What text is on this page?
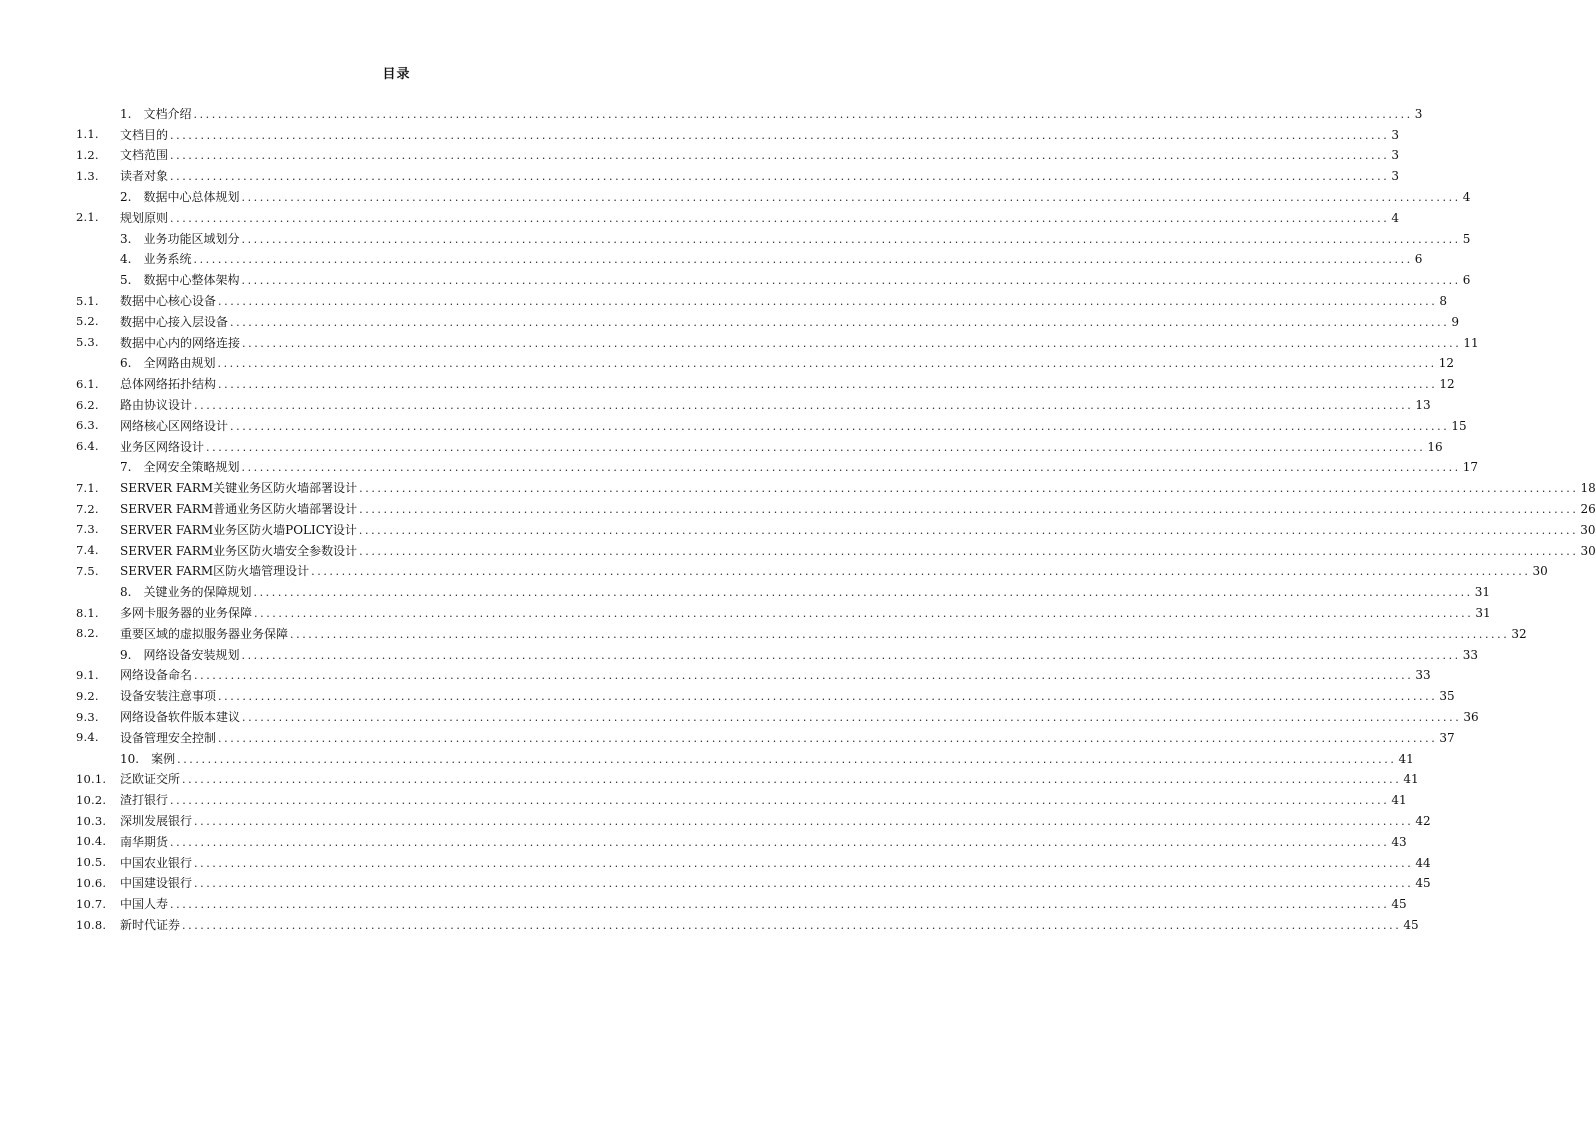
目录
1. 文档介绍 ........................................................................................................................................................................................................ 3
1.1. 文档目的 ........................................................................................................................................................................................................ 3
1.2. 文档范围 ........................................................................................................................................................................................................ 3
1.3. 读者对象 ........................................................................................................................................................................................................ 3
2. 数据中心总体规划 ........................................................................................................................................................................................................ 4
2.1. 规划原则 ........................................................................................................................................................................................................ 4
3. 业务功能区域划分 ........................................................................................................................................................................................................ 5
4. 业务系统 ........................................................................................................................................................................................................ 6
5. 数据中心整体架构 ........................................................................................................................................................................................................ 6
5.1. 数据中心核心设备 ........................................................................................................................................................................................................ 8
5.2. 数据中心接入层设备 ........................................................................................................................................................................................................ 9
5.3. 数据中心内的网络连接 ........................................................................................................................................................................................................ 11
6. 全网路由规划 ........................................................................................................................................................................................................ 12
6.1. 总体网络拓扑结构 ........................................................................................................................................................................................................ 12
6.2. 路由协议设计 ........................................................................................................................................................................................................ 13
6.3. 网络核心区网络设计 ........................................................................................................................................................................................................ 15
6.4. 业务区网络设计 ........................................................................................................................................................................................................ 16
7. 全网安全策略规划 ........................................................................................................................................................................................................ 17
7.1. SERVER FARM关键业务区防火墙部署设计 ........................................................................................................................................................................................................ 18
7.2. SERVER FARM普通业务区防火墙部署设计 ........................................................................................................................................................................................................ 26
7.3. SERVER FARM业务区防火墙POLICY设计 ........................................................................................................................................................................................................ 30
7.4. SERVER FARM业务区防火墙安全参数设计 ........................................................................................................................................................................................................ 30
7.5. SERVER FARM区防火墙管理设计 ........................................................................................................................................................................................................ 30
8. 关键业务的保障规划 ........................................................................................................................................................................................................ 31
8.1. 多网卡服务器的业务保障 ........................................................................................................................................................................................................ 31
8.2. 重要区域的虚拟服务器业务保障 ........................................................................................................................................................................................................ 32
9. 网络设备安装规划 ........................................................................................................................................................................................................ 33
9.1. 网络设备命名 ........................................................................................................................................................................................................ 33
9.2. 设备安装注意事项 ........................................................................................................................................................................................................ 35
9.3. 网络设备软件版本建议 ........................................................................................................................................................................................................ 36
9.4. 设备管理安全控制 ........................................................................................................................................................................................................ 37
10. 案例 ........................................................................................................................................................................................................ 41
10.1. 泛欧证交所 ........................................................................................................................................................................................................ 41
10.2. 渣打银行 ........................................................................................................................................................................................................ 41
10.3. 深圳发展银行 ........................................................................................................................................................................................................ 42
10.4. 南华期货 ........................................................................................................................................................................................................ 43
10.5. 中国农业银行 ........................................................................................................................................................................................................ 44
10.6. 中国建设银行 ........................................................................................................................................................................................................ 45
10.7. 中国人寿 ........................................................................................................................................................................................................ 45
10.8. 新时代证券 ........................................................................................................................................................................................................ 45
